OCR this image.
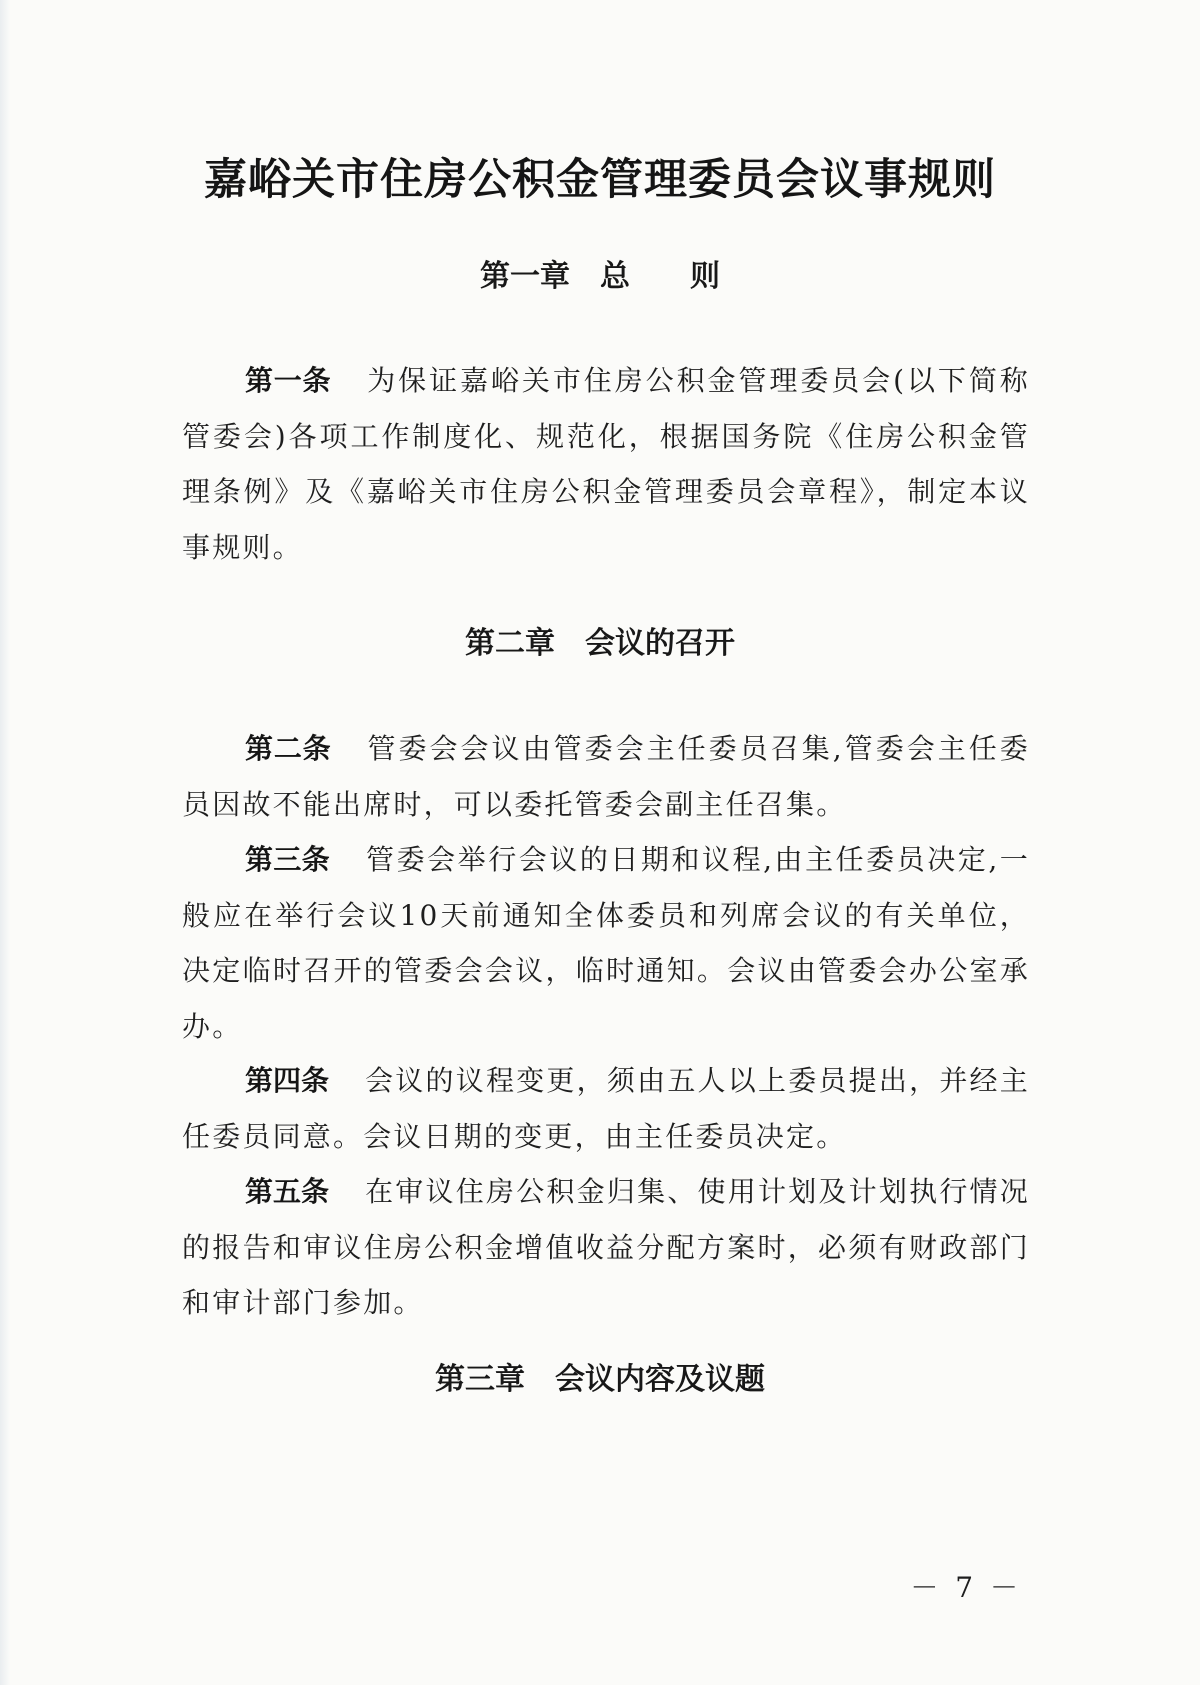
嘉峪关市住房公积金管理委员会议事规则
第一章　总　　则

第一条 为保证嘉峪关市住房公积金管理委员会(以下简称管委会)各项工作制度化、规范化，根据国务院《住房公积金管理条例》及《嘉峪关市住房公积金管理委员会章程》，制定本议事规则。

第二章　会议的召开

第二条 管委会会议由管委会主任委员召集,管委会主任委员因故不能出席时，可以委托管委会副主任召集。

第三条 管委会举行会议的日期和议程,由主任委员决定,一般应在举行会议10天前通知全体委员和列席会议的有关单位，决定临时召开的管委会会议，临时通知。会议由管委会办公室承办。

第四条 会议的议程变更，须由五人以上委员提出，并经主任委员同意。会议日期的变更，由主任委员决定。

第五条 在审议住房公积金归集、使用计划及计划执行情况的报告和审议住房公积金增值收益分配方案时，必须有财政部门和审计部门参加。

第三章　会议内容及议题
－ 7 －
